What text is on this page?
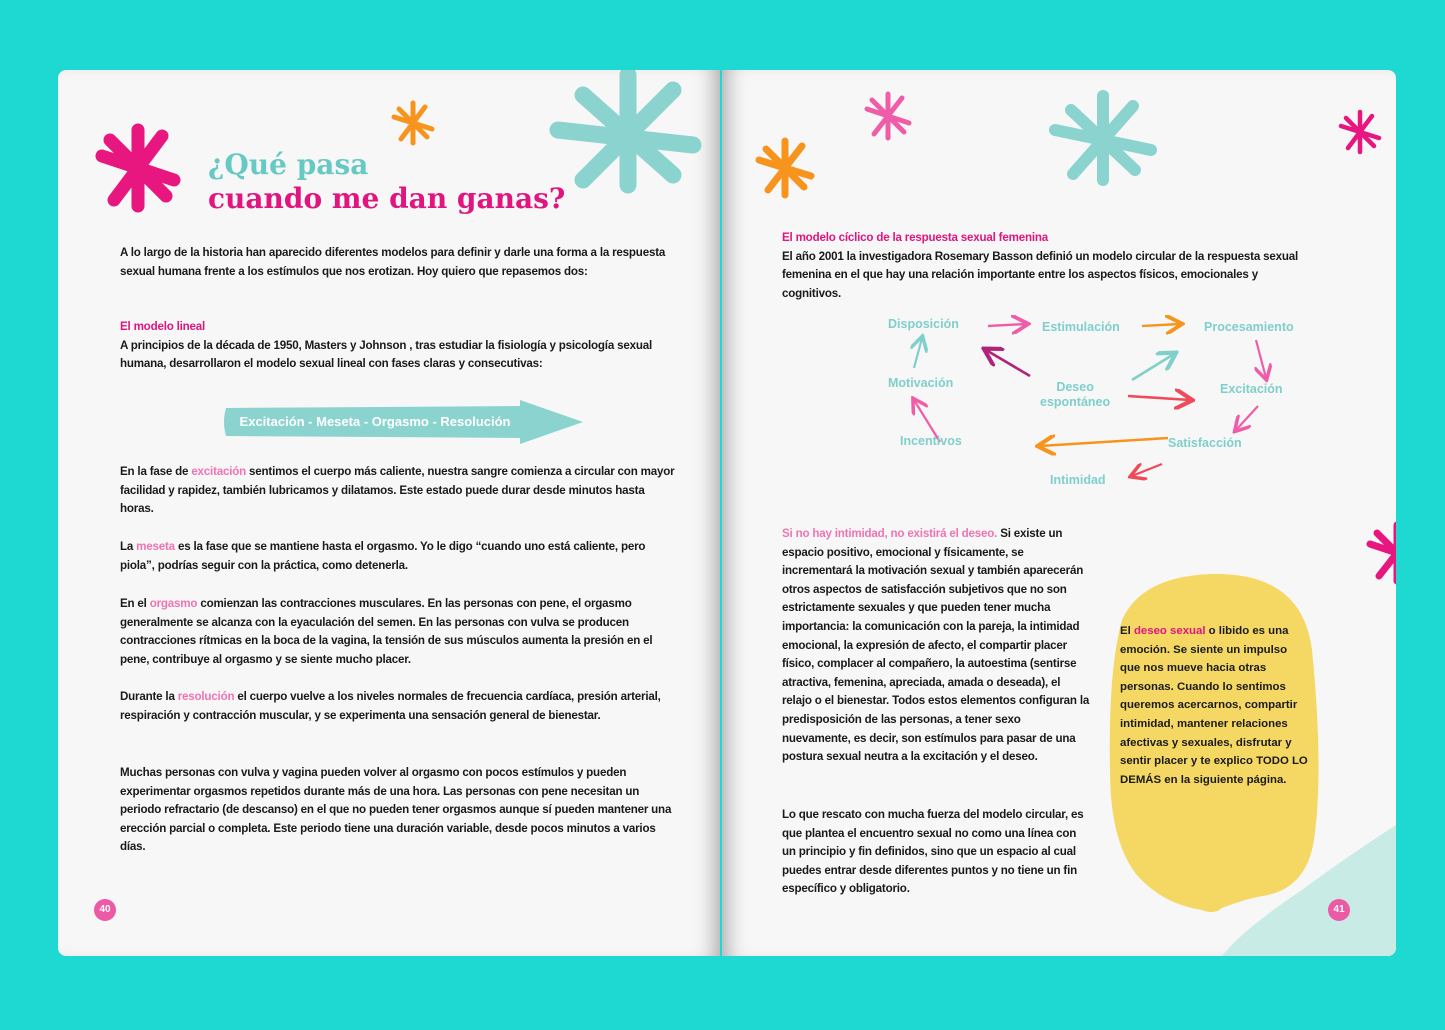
¿Qué pasa
cuando me dan ganas?
A lo largo de la historia han aparecido diferentes modelos para definir y darle una forma a la respuesta sexual humana frente a los estímulos que nos erotizan. Hoy quiero que repasemos dos:

El modelo lineal

A principios de la década de 1950, Masters y Johnson , tras estudiar la fisiología y psicología sexual humana, desarrollaron el modelo sexual lineal con fases claras y consecutivas:

Excitación - Meseta - Orgasmo - Resolución
En la fase de excitación sentimos el cuerpo más caliente, nuestra sangre comienza a circular con mayor facilidad y rapidez, también lubricamos y dilatamos. Este estado puede durar desde minutos hasta horas.
La meseta es la fase que se mantiene hasta el orgasmo. Yo le digo “cuando uno está caliente, pero piola”, podrías seguir con la práctica, como detenerla.
En el orgasmo comienzan las contracciones musculares. En las personas con pene, el orgasmo generalmente se alcanza con la eyaculación del semen. En las personas con vulva se producen contracciones rítmicas en la boca de la vagina, la tensión de sus músculos aumenta la presión en el pene, contribuye al orgasmo y se siente mucho placer.
Durante la resolución el cuerpo vuelve a los niveles normales de frecuencia cardíaca, presión arterial, respiración y contracción muscular, y se experimenta una sensación general de bienestar.
Muchas personas con vulva y vagina pueden volver al orgasmo con pocos estímulos y pueden experimentar orgasmos repetidos durante más de una hora. Las personas con pene necesitan un periodo refractario (de descanso) en el que no pueden tener orgasmos aunque sí pueden mantener una erección parcial o completa. Este periodo tiene una duración variable, desde pocos minutos a varios días.
40

El modelo cíclico de la respuesta sexual femenina

El año 2001 la investigadora Rosemary Basson definió un modelo circular de la respuesta sexual femenina en el que hay una relación importante entre los aspectos físicos, emocionales y cognitivos.

Disposición	Estimulación	Procesamiento
Motivación	Deseo
espontáneo
Excitación
Incentivos	Satisfacción
Intimidad
Si no hay intimidad, no existirá el deseo. Si existe un espacio positivo, emocional y físicamente, se incrementará la motivación sexual y también aparecerán otros aspectos de satisfacción subjetivos que no son estrictamente sexuales y que pueden tener mucha importancia: la comunicación con la pareja, la intimidad emocional, la expresión de afecto, el compartir placer físico, complacer al compañero, la autoestima (sentirse atractiva, femenina, apreciada, amada o deseada), el relajo o el bienestar. Todos estos elementos configuran la predisposición de las personas, a tener sexo nuevamente, es decir, son estímulos para pasar de una postura sexual neutra a la excitación y el deseo.
Lo que rescato con mucha fuerza del modelo circular, es que plantea el encuentro sexual no como una línea con un principio y fin definidos, sino que un espacio al cual puedes entrar desde diferentes puntos y no tiene un fin específico y obligatorio.
El deseo sexual o libido es una emoción. Se siente un impulso que nos mueve hacia otras personas. Cuando lo sentimos queremos acercarnos, compartir intimidad, mantener relaciones afectivas y sexuales, disfrutar y sentir placer y te explico TODO LO DEMÁS en la siguiente página.
41
